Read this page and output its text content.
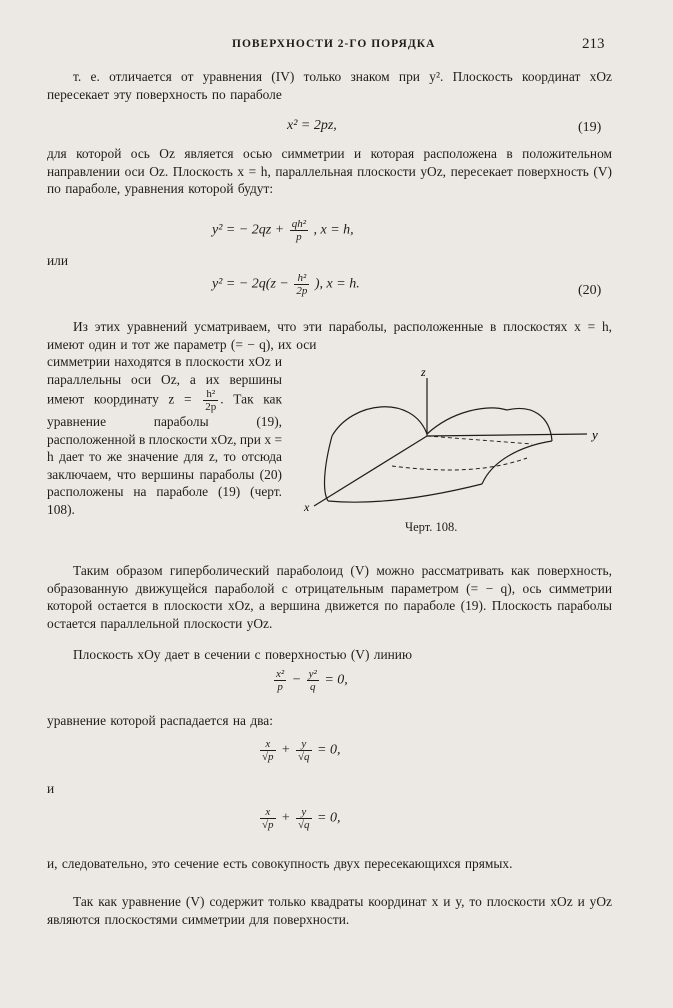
ПОВЕРХНОСТИ 2-ГО ПОРЯДКА	213
т. е. отличается от уравнения (IV) только знаком при y². Плоскость координат xOz пересекает эту поверхность по параболе
x² = 2pz,	(19)
для которой ось Oz является осью симметрии и которая расположена в положительном направлении оси Oz. Плоскость x = h, параллельная плоскости yOz, пересекает поверхность (V) по параболе, уравнения которой будут:
y² = − $2qz + \frac{\text{qh²}}{p}$ , x = h,
или
y² = − $2q(z - \frac{\text{h²}}{2p}$ ), x = h.	(20)
Из этих уравнений усматриваем, что эти параболы, расположенные в плоскостях x = h, имеют один и тот же параметр (= − q), их оси
симметрии находятся в плоскости xOz и параллельны оси Oz, а их вершины имеют координату $z = \frac{\text{h²}}{2p}$ . Так как уравнение параболы (19), расположенной в плоскости xOz, при x = h дает то же значение для z, то отсюда заключаем, что вершины параболы (20) расположены на параболе (19) (черт. 108).
z
y
x
Черт. 108.
Таким образом гиперболический параболоид (V) можно рассматривать как поверхность, образованную движущейся параболой с отрицательным параметром (= − q), ось симметрии которой остается в плоскости xOz, а вершина движется по параболе (19). Плоскость параболы остается параллельной плоскости yOz.
Плоскость xOy дает в сечении с поверхностью (V) линию
$\frac{\text{x²}}{p} - \frac{\text{y²}}{q} = 0$,
уравнение которой распадается на два:
$\frac{x}{√p} + \frac{y}{√q} = 0$,
и
$\frac{x}{√p} + \frac{y}{√q} = 0$,
и, следовательно, это сечение есть совокупность двух пересекающихся прямых.
Так как уравнение (V) содержит только квадраты координат x и y, то плоскости xOz и yOz являются плоскостями симметрии для поверхности.
